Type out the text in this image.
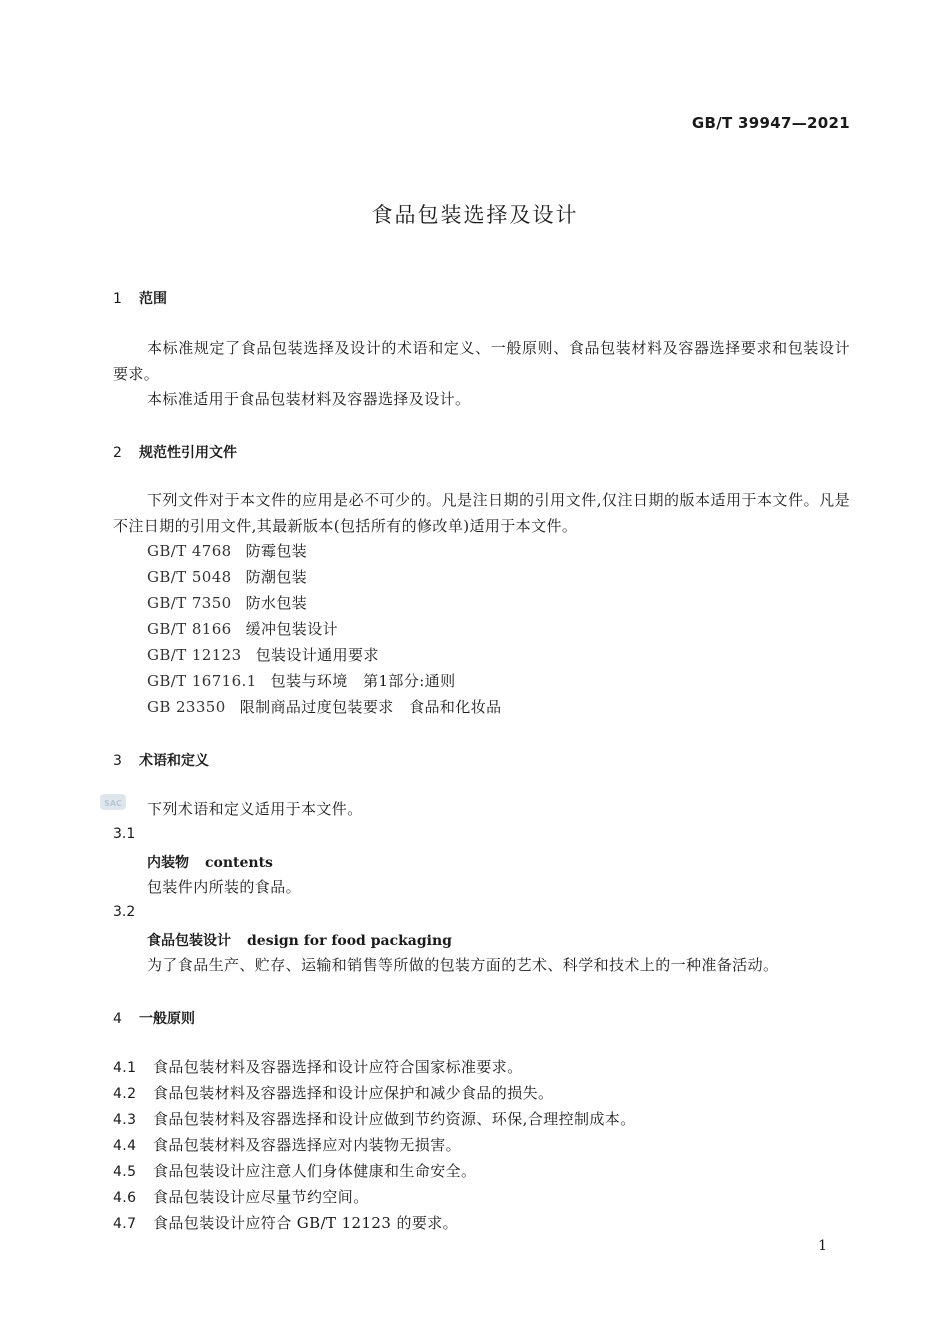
GB/T 39947—2021
食品包装选择及设计
1 范围
本标准规定了食品包装选择及设计的术语和定义、一般原则、食品包装材料及容器选择要求和包装设计要求。
本标准适用于食品包装材料及容器选择及设计。
2 规范性引用文件
下列文件对于本文件的应用是必不可少的。凡是注日期的引用文件,仅注日期的版本适用于本文件。凡是不注日期的引用文件,其最新版本(包括所有的修改单)适用于本文件。
GB/T 4768 防霉包装
GB/T 5048 防潮包装
GB/T 7350 防水包装
GB/T 8166 缓冲包装设计
GB/T 12123 包装设计通用要求
GB/T 16716.1 包装与环境　第1部分:通则
GB 23350 限制商品过度包装要求　食品和化妆品
3 术语和定义
SAC 下列术语和定义适用于本文件。
3.1
内装物 contents
包装件内所装的食品。
3.2
食品包装设计 design for food packaging
为了食品生产、贮存、运输和销售等所做的包装方面的艺术、科学和技术上的一种准备活动。
4 一般原则
4.1 食品包装材料及容器选择和设计应符合国家标准要求。
4.2 食品包装材料及容器选择和设计应保护和减少食品的损失。
4.3 食品包装材料及容器选择和设计应做到节约资源、环保,合理控制成本。
4.4 食品包装材料及容器选择应对内装物无损害。
4.5 食品包装设计应注意人们身体健康和生命安全。
4.6 食品包装设计应尽量节约空间。
4.7 食品包装设计应符合 GB/T 12123 的要求。
1
